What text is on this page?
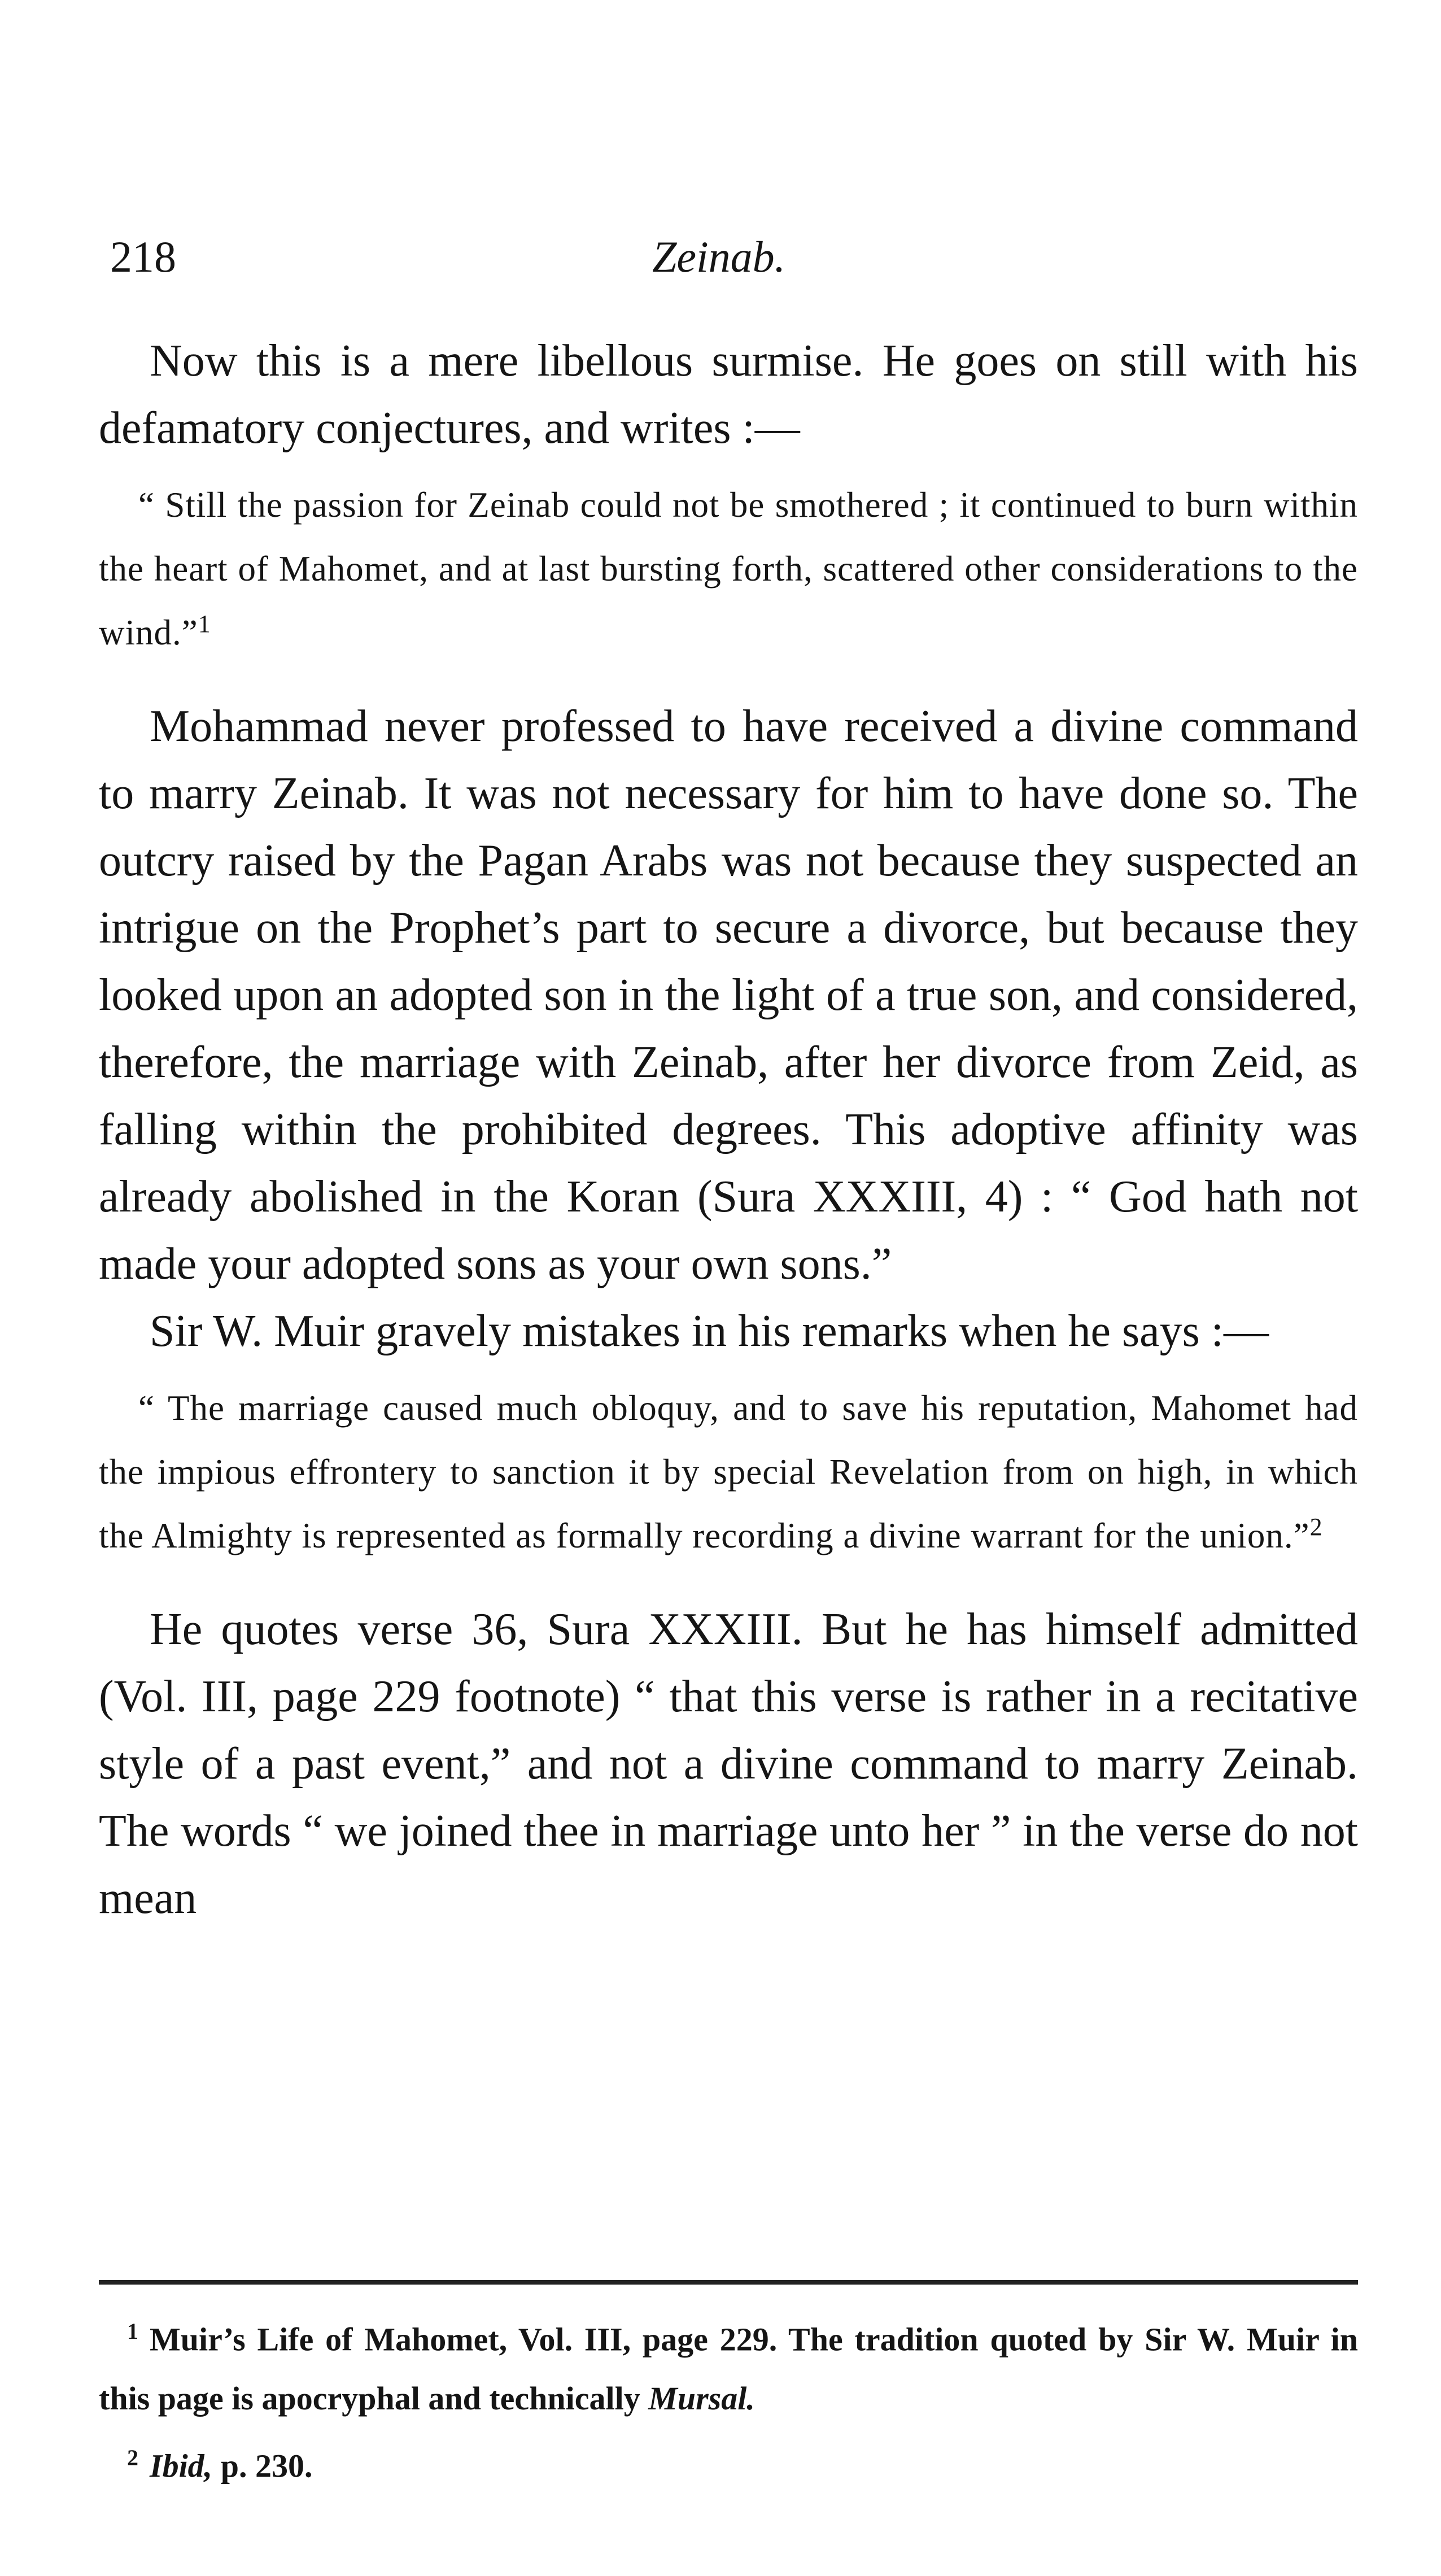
218	Zeinab.

Now this is a mere libellous surmise. He goes on still with his defamatory conjectures, and writes :—

“ Still the passion for Zeinab could not be smothered ; it continued to burn within the heart of Mahomet, and at last bursting forth, scattered other considerations to the wind.”$^1$

Mohammad never professed to have received a divine command to marry Zeinab. It was not necessary for him to have done so. The outcry raised by the Pagan Arabs was not because they suspected an intrigue on the Prophet’s part to secure a divorce, but because they looked upon an adopted son in the light of a true son, and considered, therefore, the marriage with Zeinab, after her divorce from Zeid, as falling within the prohibited degrees. This adoptive affinity was already abolished in the Koran (Sura XXXIII, 4) : “ God hath not made your adopted sons as your own sons.”

Sir W. Muir gravely mistakes in his remarks when he says :—

“ The marriage caused much obloquy, and to save his reputation, Mahomet had the impious effrontery to sanction it by special Revelation from on high, in which the Almighty is represented as formally recording a divine warrant for the union.”$^2$

He quotes verse 36, Sura XXXIII. But he has himself admitted (Vol. III, page 229 footnote) “ that this verse is rather in a recitative style of a past event,” and not a divine command to marry Zeinab. The words “ we joined thee in marriage unto her ” in the verse do not mean

$^1$ Muir’s Life of Mahomet, Vol. III, page 229. The tradition quoted by Sir W. Muir in this page is apocryphal and technically Mursal.

$^2$ Ibid, p. 230.
